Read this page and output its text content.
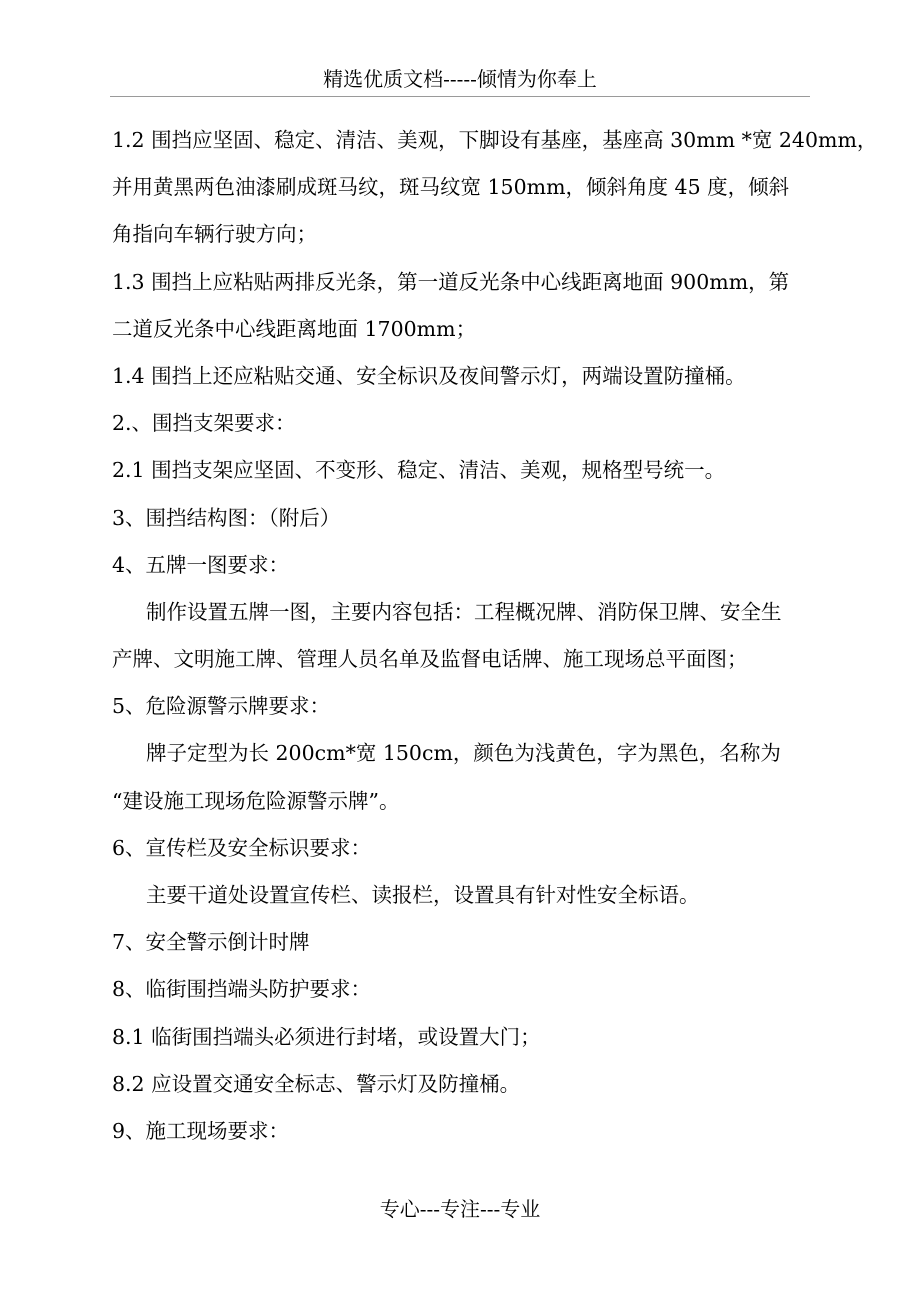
精选优质文档-----倾情为你奉上
1.2 围挡应坚固、稳定、清洁、美观，下脚设有基座，基座高 30mm *宽 240mm，
并用黄黑两色油漆刷成斑马纹，斑马纹宽 150mm，倾斜角度 45 度，倾斜
角指向车辆行驶方向；
1.3 围挡上应粘贴两排反光条，第一道反光条中心线距离地面 900mm，第
二道反光条中心线距离地面 1700mm；
1.4 围挡上还应粘贴交通、安全标识及夜间警示灯，两端设置防撞桶。
2.、围挡支架要求：
2.1 围挡支架应坚固、不变形、稳定、清洁、美观，规格型号统一。
3、围挡结构图：（附后）
4、五牌一图要求：
制作设置五牌一图，主要内容包括：工程概况牌、消防保卫牌、安全生
产牌、文明施工牌、管理人员名单及监督电话牌、施工现场总平面图；
5、危险源警示牌要求：
牌子定型为长 200cm*宽 150cm，颜色为浅黄色，字为黑色，名称为
“建设施工现场危险源警示牌”。
6、宣传栏及安全标识要求：
主要干道处设置宣传栏、读报栏，设置具有针对性安全标语。
7、安全警示倒计时牌
8、临街围挡端头防护要求：
8.1 临街围挡端头必须进行封堵，或设置大门；
8.2 应设置交通安全标志、警示灯及防撞桶。
9、施工现场要求：
专心---专注---专业
